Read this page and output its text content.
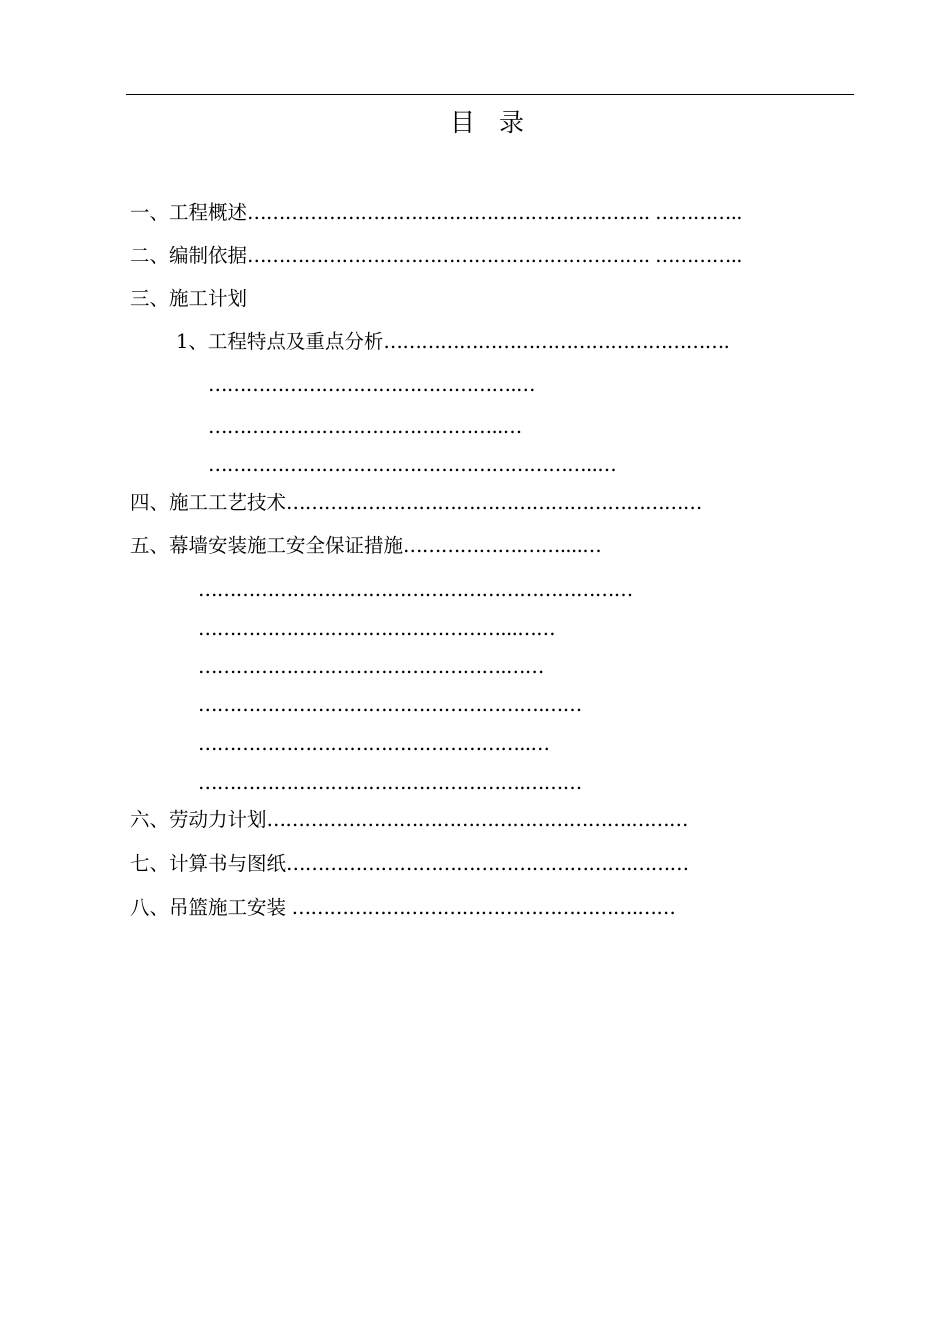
目 录
一、工程概述………………………………………………………. …………..
二、编制依据………………………………………………………. …………..
三、施工计划
1、工程特点及重点分析……………………………………………….
………………………………………….…
………………………………………..…
……………………………………………………..…
四、施工工艺技术…………………………………………………………
五、幕墙安装施工安全保证措施……………….……....…
……………………………………………………………
…………………………………………...……
………………………………………….……
……………………………………………….……
……………………………………………..…
…………………………………………….………
六、劳动力计划………………………………………………….………
七、计算书与图纸……………………………………………….………
八、吊篮施工安装 ……………………………………………….……
